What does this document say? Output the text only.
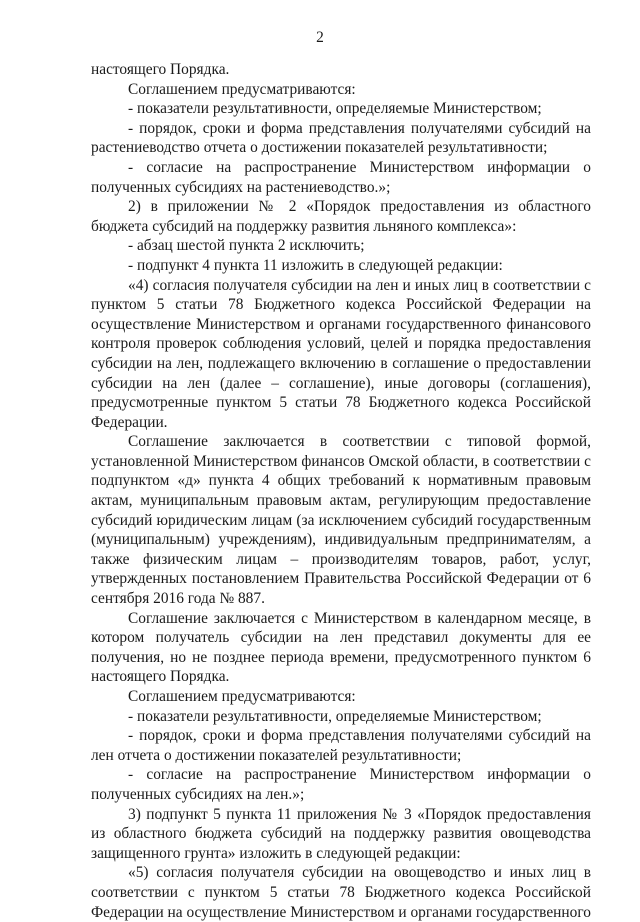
2

настоящего Порядка.

Соглашением предусматриваются:

- показатели результативности, определяемые Министерством;

- порядок, сроки и форма представления получателями субсидий на растениеводство отчета о достижении показателей результативности;

- согласие на распространение Министерством информации о полученных субсидиях на растениеводство.»;

2) в приложении № 2 «Порядок предоставления из областного бюджета субсидий на поддержку развития льняного комплекса»:

- абзац шестой пункта 2 исключить;

- подпункт 4 пункта 11 изложить в следующей редакции:

«4) согласия получателя субсидии на лен и иных лиц в соответствии с пунктом 5 статьи 78 Бюджетного кодекса Российской Федерации на осуществление Министерством и органами государственного финансового контроля проверок соблюдения условий, целей и порядка предоставления субсидии на лен, подлежащего включению в соглашение о предоставлении субсидии на лен (далее – соглашение), иные договоры (соглашения), предусмотренные пунктом 5 статьи 78 Бюджетного кодекса Российской Федерации.

Соглашение заключается в соответствии с типовой формой, установленной Министерством финансов Омской области, в соответствии с подпунктом «д» пункта 4 общих требований к нормативным правовым актам, муниципальным правовым актам, регулирующим предоставление субсидий юридическим лицам (за исключением субсидий государственным (муниципальным) учреждениям), индивидуальным предпринимателям, а также физическим лицам – производителям товаров, работ, услуг, утвержденных постановлением Правительства Российской Федерации от 6 сентября 2016 года № 887.

Соглашение заключается с Министерством в календарном месяце, в котором получатель субсидии на лен представил документы для ее получения, но не позднее периода времени, предусмотренного пунктом 6 настоящего Порядка.

Соглашением предусматриваются:

- показатели результативности, определяемые Министерством;

- порядок, сроки и форма представления получателями субсидий на лен отчета о достижении показателей результативности;

- согласие на распространение Министерством информации о полученных субсидиях на лен.»;

3) подпункт 5 пункта 11 приложения № 3 «Порядок предоставления из областного бюджета субсидий на поддержку развития овощеводства защищенного грунта» изложить в следующей редакции:

«5) согласия получателя субсидии на овощеводство и иных лиц в соответствии с пунктом 5 статьи 78 Бюджетного кодекса Российской Федерации на осуществление Министерством и органами государственного
